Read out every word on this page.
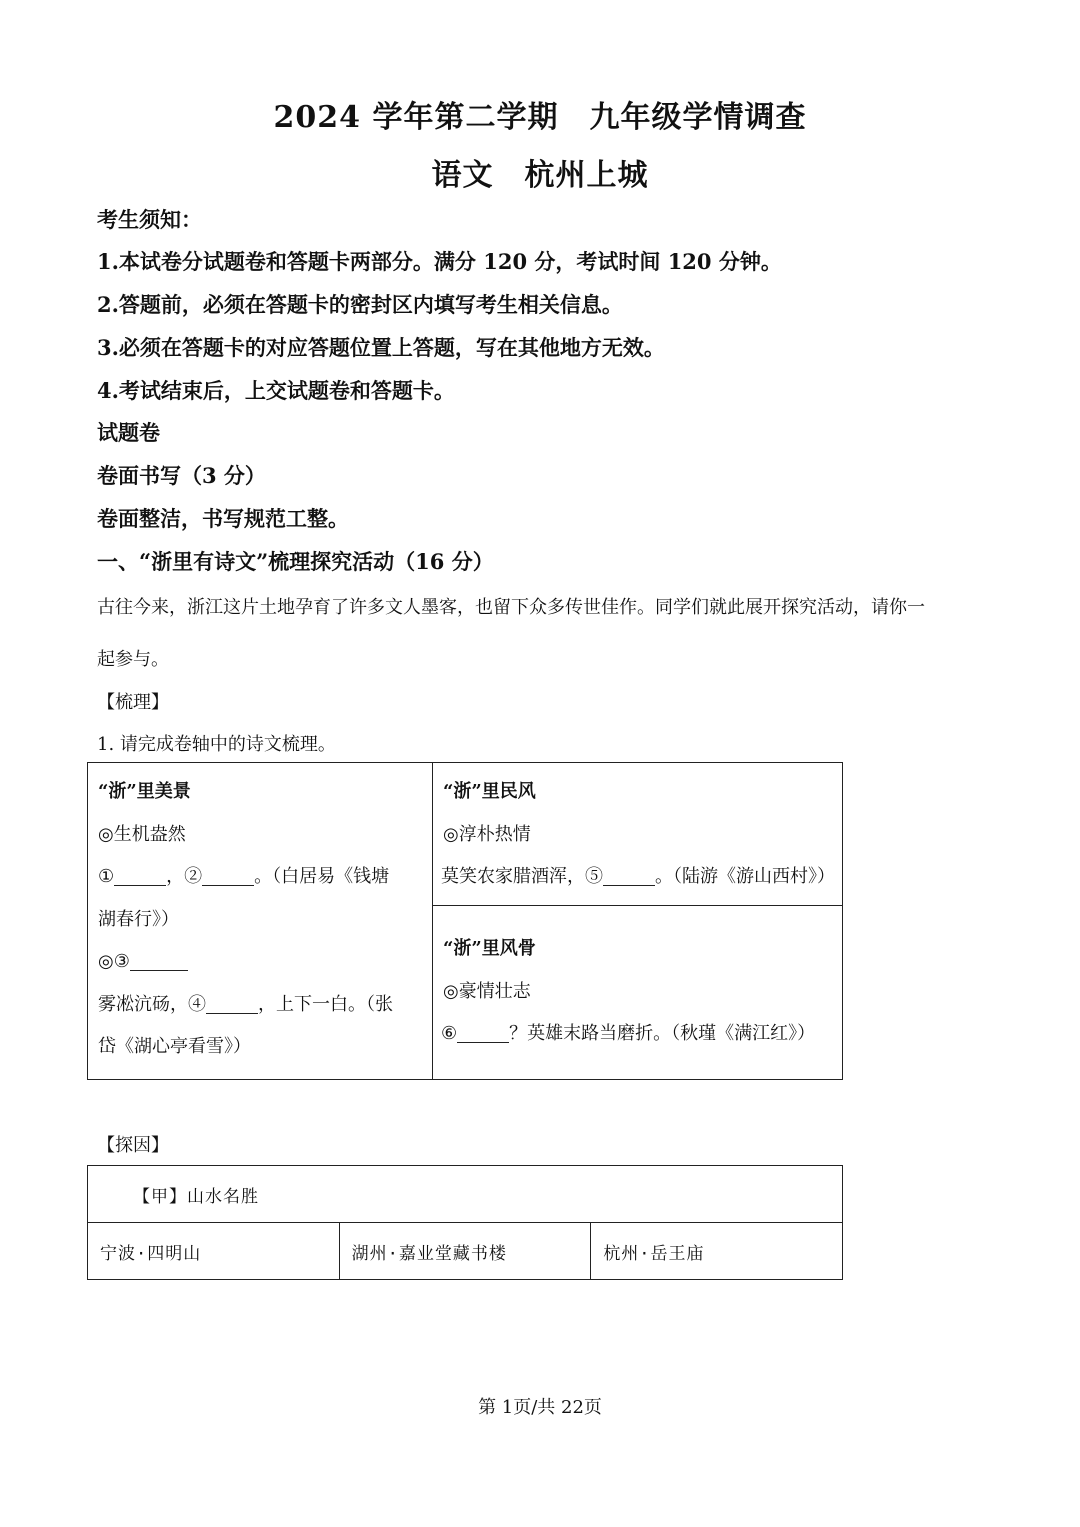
2024 学年第二学期　九年级学情调查
语文　杭州上城
考生须知：
1.本试卷分试题卷和答题卡两部分。满分 120 分，考试时间 120 分钟。
2.答题前，必须在答题卡的密封区内填写考生相关信息。
3.必须在答题卡的对应答题位置上答题，写在其他地方无效。
4.考试结束后，上交试题卷和答题卡。
试题卷
卷面书写（3 分）
卷面整洁，书写规范工整。
一、“浙里有诗文”梳理探究活动（16 分）
古往今来，浙江这片土地孕育了许多文人墨客，也留下众多传世佳作。同学们就此展开探究活动，请你一
起参与。
【梳理】
1. 请完成卷轴中的诗文梳理。
“浙”里美景
◎生机盎然
①	，②	。（白居易《钱塘
湖春行》）
◎③
雾凇沆砀，④	，上下一白。（张
岱《湖心亭看雪》）

“浙”里民风
◎淳朴热情
莫笑农家腊酒浑，⑤	。（陆游《游山西村》）

“浙”里风骨
◎豪情壮志
⑥	？英雄末路当磨折。（秋瑾《满江红》）
【探因】
【甲】山水名胜
宁波·四明山	湖州·嘉业堂藏书楼	杭州·岳王庙
第 1页/共 22页
